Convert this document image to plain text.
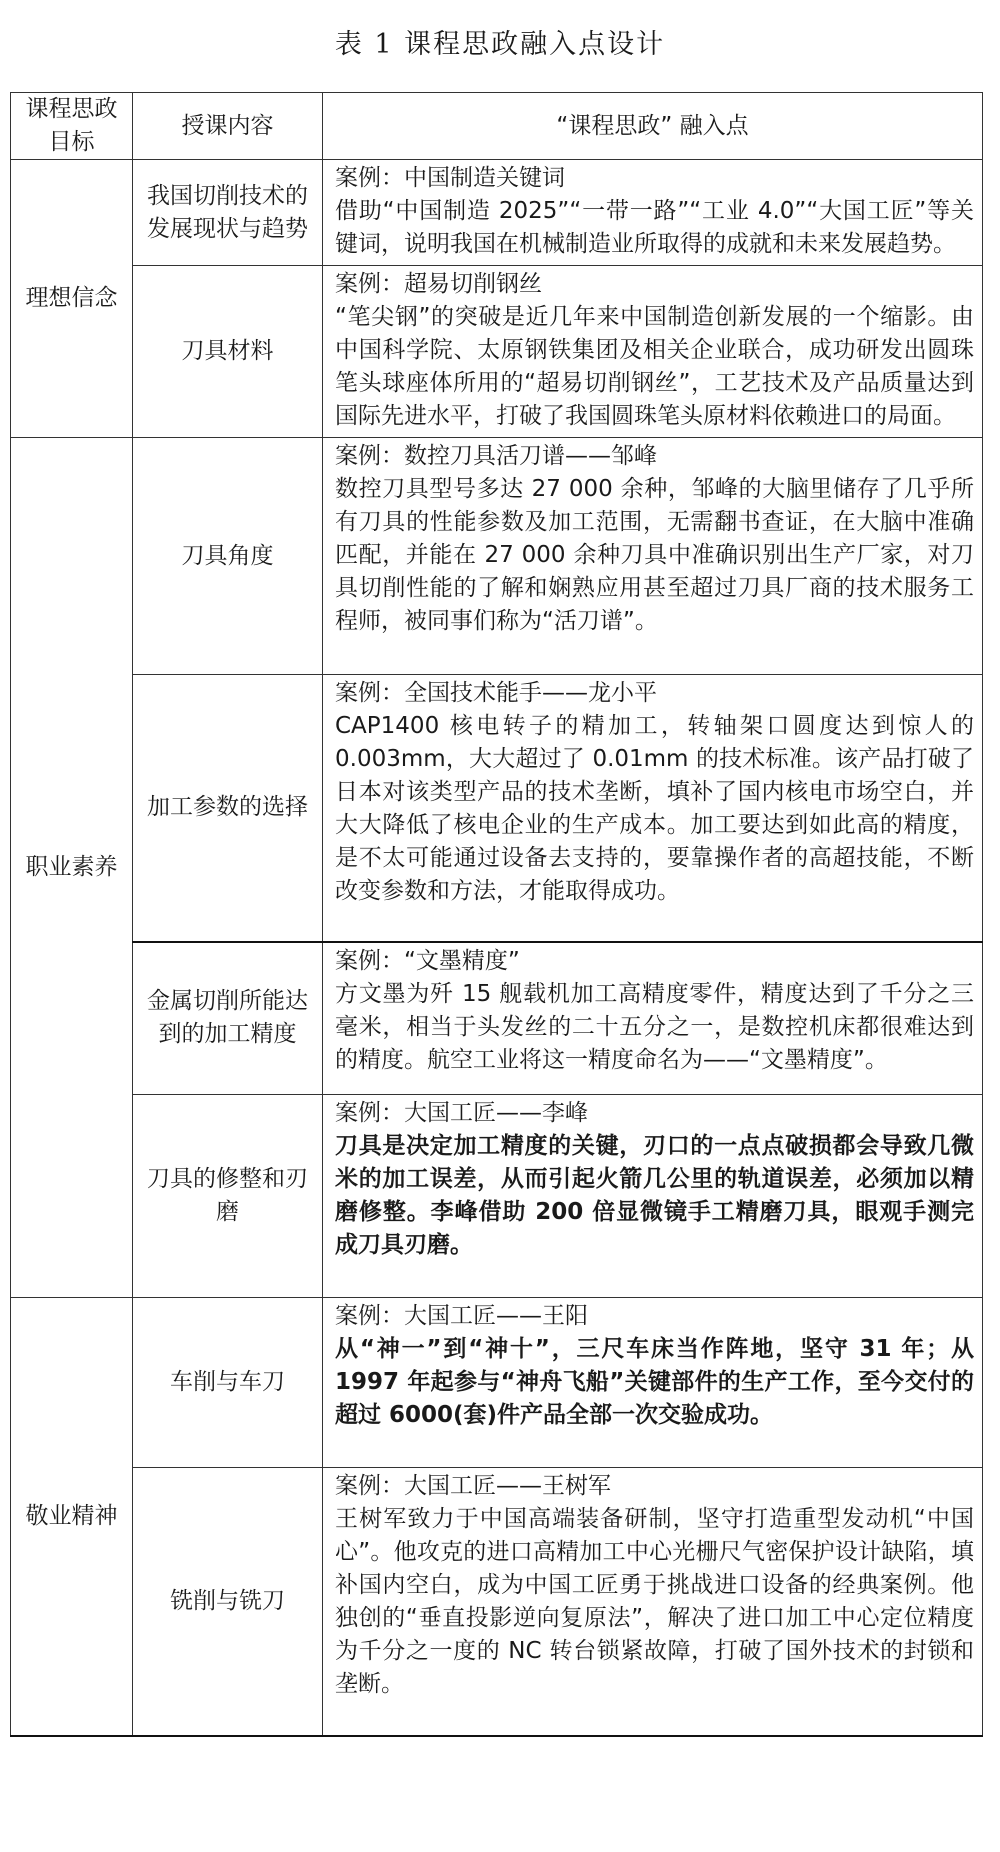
表 1 课程思政融入点设计
课程思政目标	授课内容	“课程思政” 融入点
理想信念	我国切削技术的发展现状与趋势	案例：中国制造关键词
借助“中国制造 2025”“一带一路”“工业 4.0”“大国工匠”等关键词，说明我国在机械制造业所取得的成就和未来发展趋势。

	刀具材料	案例：超易切削钢丝
“笔尖钢”的突破是近几年来中国制造创新发展的一个缩影。由中国科学院、太原钢铁集团及相关企业联合，成功研发出圆珠笔头球座体所用的“超易切削钢丝”，工艺技术及产品质量达到国际先进水平，打破了我国圆珠笔头原材料依赖进口的局面。

职业素养	刀具角度	案例：数控刀具活刀谱——邹峰
数控刀具型号多达 27 000 余种，邹峰的大脑里储存了几乎所有刀具的性能参数及加工范围，无需翻书查证，在大脑中准确匹配，并能在 27 000 余种刀具中准确识别出生产厂家，对刀具切削性能的了解和娴熟应用甚至超过刀具厂商的技术服务工程师，被同事们称为“活刀谱”。

	加工参数的选择	案例：全国技术能手——龙小平
CAP1400 核电转子的精加工，转轴架口圆度达到惊人的 0.003mm，大大超过了 0.01mm 的技术标准。该产品打破了日本对该类型产品的技术垄断，填补了国内核电市场空白，并大大降低了核电企业的生产成本。加工要达到如此高的精度，是不太可能通过设备去支持的，要靠操作者的高超技能，不断改变参数和方法，才能取得成功。

	金属切削所能达到的加工精度	案例：“文墨精度”
方文墨为歼 15 舰载机加工高精度零件，精度达到了千分之三毫米，相当于头发丝的二十五分之一，是数控机床都很难达到的精度。航空工业将这一精度命名为——“文墨精度”。

	刀具的修整和刃磨	案例：大国工匠——李峰
刀具是决定加工精度的关键，刃口的一点点破损都会导致几微米的加工误差，从而引起火箭几公里的轨道误差，必须加以精磨修整。李峰借助 200 倍显微镜手工精磨刀具，眼观手测完成刀具刃磨。

敬业精神	车削与车刀	案例：大国工匠——王阳
从“神一”到“神十”，三尺车床当作阵地，坚守 31 年；从 1997 年起参与“神舟飞船”关键部件的生产工作，至今交付的超过 6000(套)件产品全部一次交验成功。

	铣削与铣刀	案例：大国工匠——王树军
王树军致力于中国高端装备研制，坚守打造重型发动机“中国心”。他攻克的进口高精加工中心光栅尺气密保护设计缺陷，填补国内空白，成为中国工匠勇于挑战进口设备的经典案例。他独创的“垂直投影逆向复原法”，解决了进口加工中心定位精度为千分之一度的 NC 转台锁紧故障，打破了国外技术的封锁和垄断。
